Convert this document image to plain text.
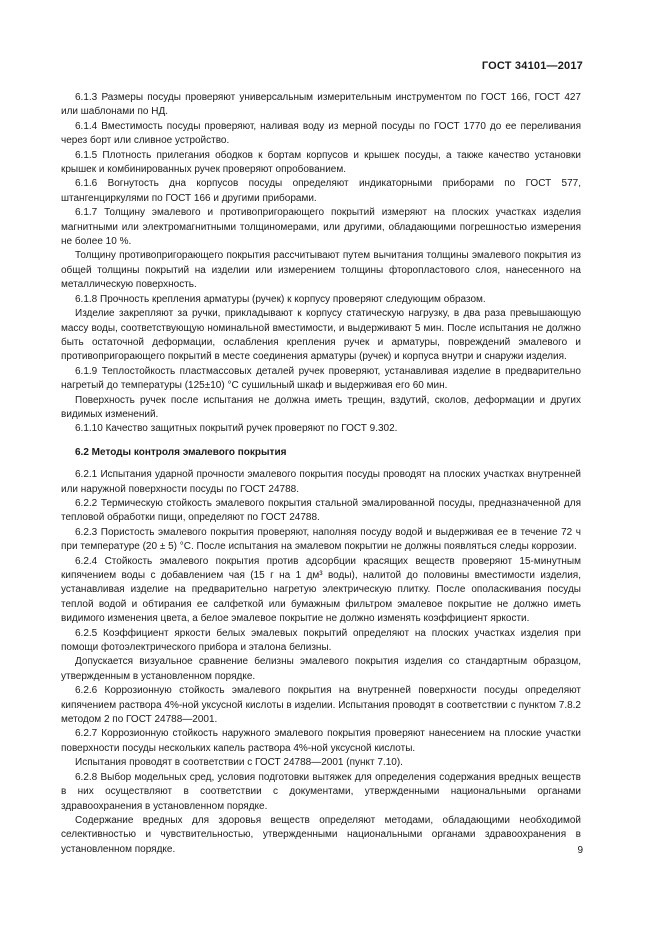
ГОСТ 34101—2017

6.1.3 Размеры посуды проверяют универсальным измерительным инструментом по ГОСТ 166, ГОСТ 427 или шаблонами по НД.

6.1.4 Вместимость посуды проверяют, наливая воду из мерной посуды по ГОСТ 1770 до ее переливания через борт или сливное устройство.

6.1.5 Плотность прилегания ободков к бортам корпусов и крышек посуды, а также качество установки крышек и комбинированных ручек проверяют опробованием.

6.1.6 Вогнутость дна корпусов посуды определяют индикаторными приборами по ГОСТ 577, штангенциркулями по ГОСТ 166 и другими приборами.

6.1.7 Толщину эмалевого и противопригорающего покрытий измеряют на плоских участках изделия магнитными или электромагнитными толщиномерами, или другими, обладающими погрешностью измерения не более 10 %.

Толщину противопригорающего покрытия рассчитывают путем вычитания толщины эмалевого покрытия из общей толщины покрытий на изделии или измерением толщины фторопластового слоя, нанесенного на металлическую поверхность.

6.1.8 Прочность крепления арматуры (ручек) к корпусу проверяют следующим образом.

Изделие закрепляют за ручки, прикладывают к корпусу статическую нагрузку, в два раза превышающую массу воды, соответствующую номинальной вместимости, и выдерживают 5 мин. После испытания не должно быть остаточной деформации, ослабления крепления ручек и арматуры, повреждений эмалевого и противопригорающего покрытий в месте соединения арматуры (ручек) и корпуса внутри и снаружи изделия.

6.1.9 Теплостойкость пластмассовых деталей ручек проверяют, устанавливая изделие в предварительно нагретый до температуры (125±10) °С сушильный шкаф и выдерживая его 60 мин.

Поверхность ручек после испытания не должна иметь трещин, вздутий, сколов, деформации и других видимых изменений.

6.1.10 Качество защитных покрытий ручек проверяют по ГОСТ 9.302.

6.2 Методы контроля эмалевого покрытия

6.2.1 Испытания ударной прочности эмалевого покрытия посуды проводят на плоских участках внутренней или наружной поверхности посуды по ГОСТ 24788.

6.2.2 Термическую стойкость эмалевого покрытия стальной эмалированной посуды, предназначенной для тепловой обработки пищи, определяют по ГОСТ 24788.

6.2.3 Пористость эмалевого покрытия проверяют, наполняя посуду водой и выдерживая ее в течение 72 ч при температуре (20 ± 5) °С. После испытания на эмалевом покрытии не должны появляться следы коррозии.

6.2.4 Стойкость эмалевого покрытия против адсорбции красящих веществ проверяют 15-минутным кипячением воды с добавлением чая (15 г на 1 дм³ воды), налитой до половины вместимости изделия, устанавливая изделие на предварительно нагретую электрическую плитку. После ополаскивания посуды теплой водой и обтирания ее салфеткой или бумажным фильтром эмалевое покрытие не должно иметь видимого изменения цвета, а белое эмалевое покрытие не должно изменять коэффициент яркости.

6.2.5 Коэффициент яркости белых эмалевых покрытий определяют на плоских участках изделия при помощи фотоэлектрического прибора и эталона белизны.

Допускается визуальное сравнение белизны эмалевого покрытия изделия со стандартным образцом, утвержденным в установленном порядке.

6.2.6 Коррозионную стойкость эмалевого покрытия на внутренней поверхности посуды определяют кипячением раствора 4%-ной уксусной кислоты в изделии. Испытания проводят в соответствии с пунктом 7.8.2 методом 2 по ГОСТ 24788—2001.

6.2.7 Коррозионную стойкость наружного эмалевого покрытия проверяют нанесением на плоские участки поверхности посуды нескольких капель раствора 4%-ной уксусной кислоты.

Испытания проводят в соответствии с ГОСТ 24788—2001 (пункт 7.10).

6.2.8 Выбор модельных сред, условия подготовки вытяжек для определения содержания вредных веществ в них осуществляют в соответствии с документами, утвержденными национальными органами здравоохранения в установленном порядке.

Содержание вредных для здоровья веществ определяют методами, обладающими необходимой селективностью и чувствительностью, утвержденными национальными органами здравоохранения в установленном порядке.	9
